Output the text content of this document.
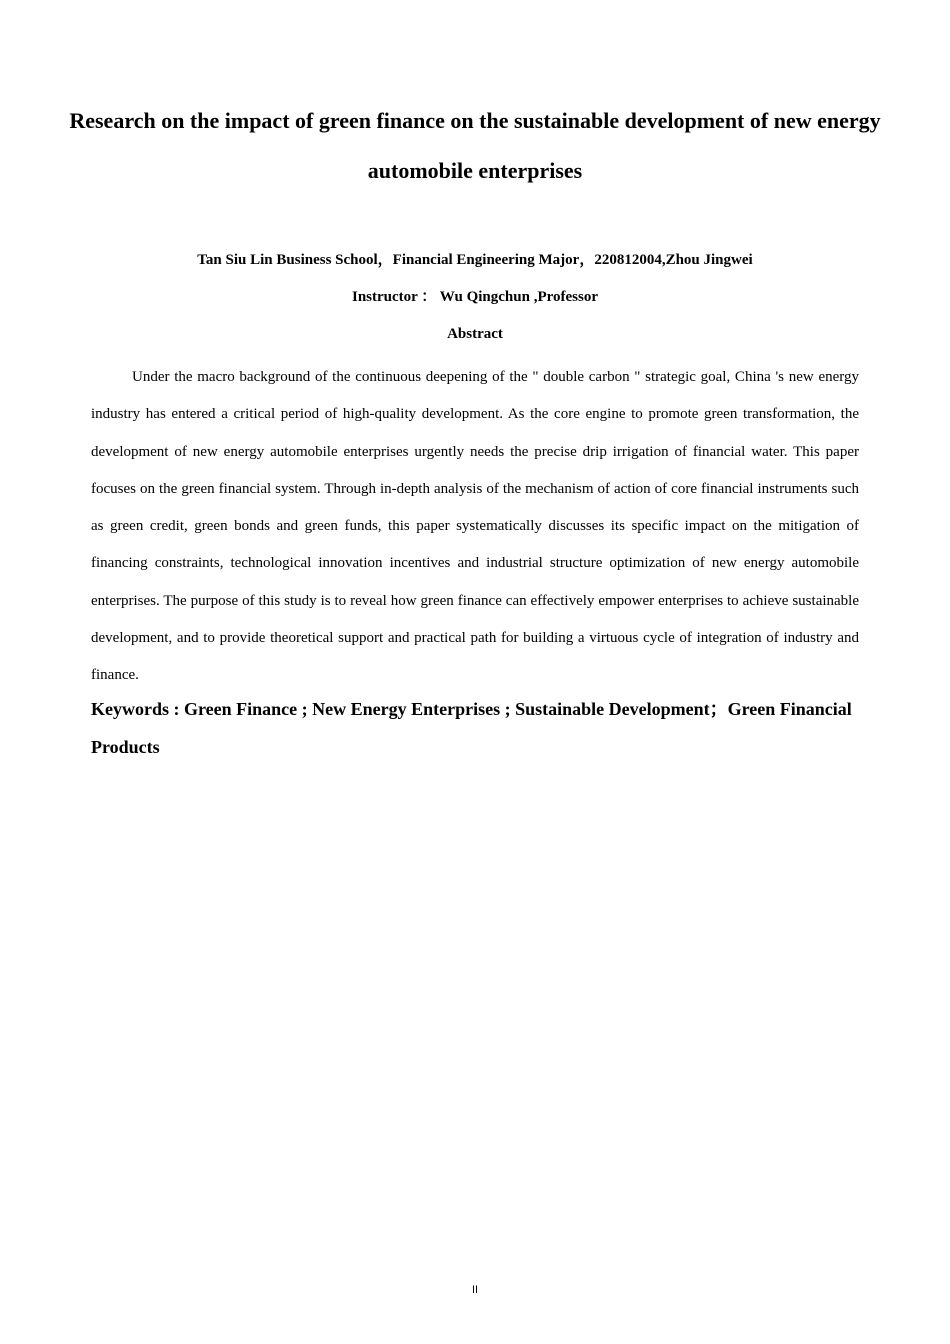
Research on the impact of green finance on the sustainable development of new energy automobile enterprises

Tan Siu Lin Business School，Financial Engineering Major，220812004,Zhou Jingwei

Instructor ： Wu Qingchun ,Professor

Abstract

Under the macro background of the continuous deepening of the " double carbon " strategic goal, China 's new energy industry has entered a critical period of high-quality development. As the core engine to promote green transformation, the development of new energy automobile enterprises urgently needs the precise drip irrigation of financial water. This paper focuses on the green financial system. Through in-depth analysis of the mechanism of action of core financial instruments such as green credit, green bonds and green funds, this paper systematically discusses its specific impact on the mitigation of financing constraints, technological innovation incentives and industrial structure optimization of new energy automobile enterprises. The purpose of this study is to reveal how green finance can effectively empower enterprises to achieve sustainable development, and to provide theoretical support and practical path for building a virtuous cycle of integration of industry and finance.

Keywords : Green Finance ; New Energy Enterprises ; Sustainable Development；Green Financial Products

II
